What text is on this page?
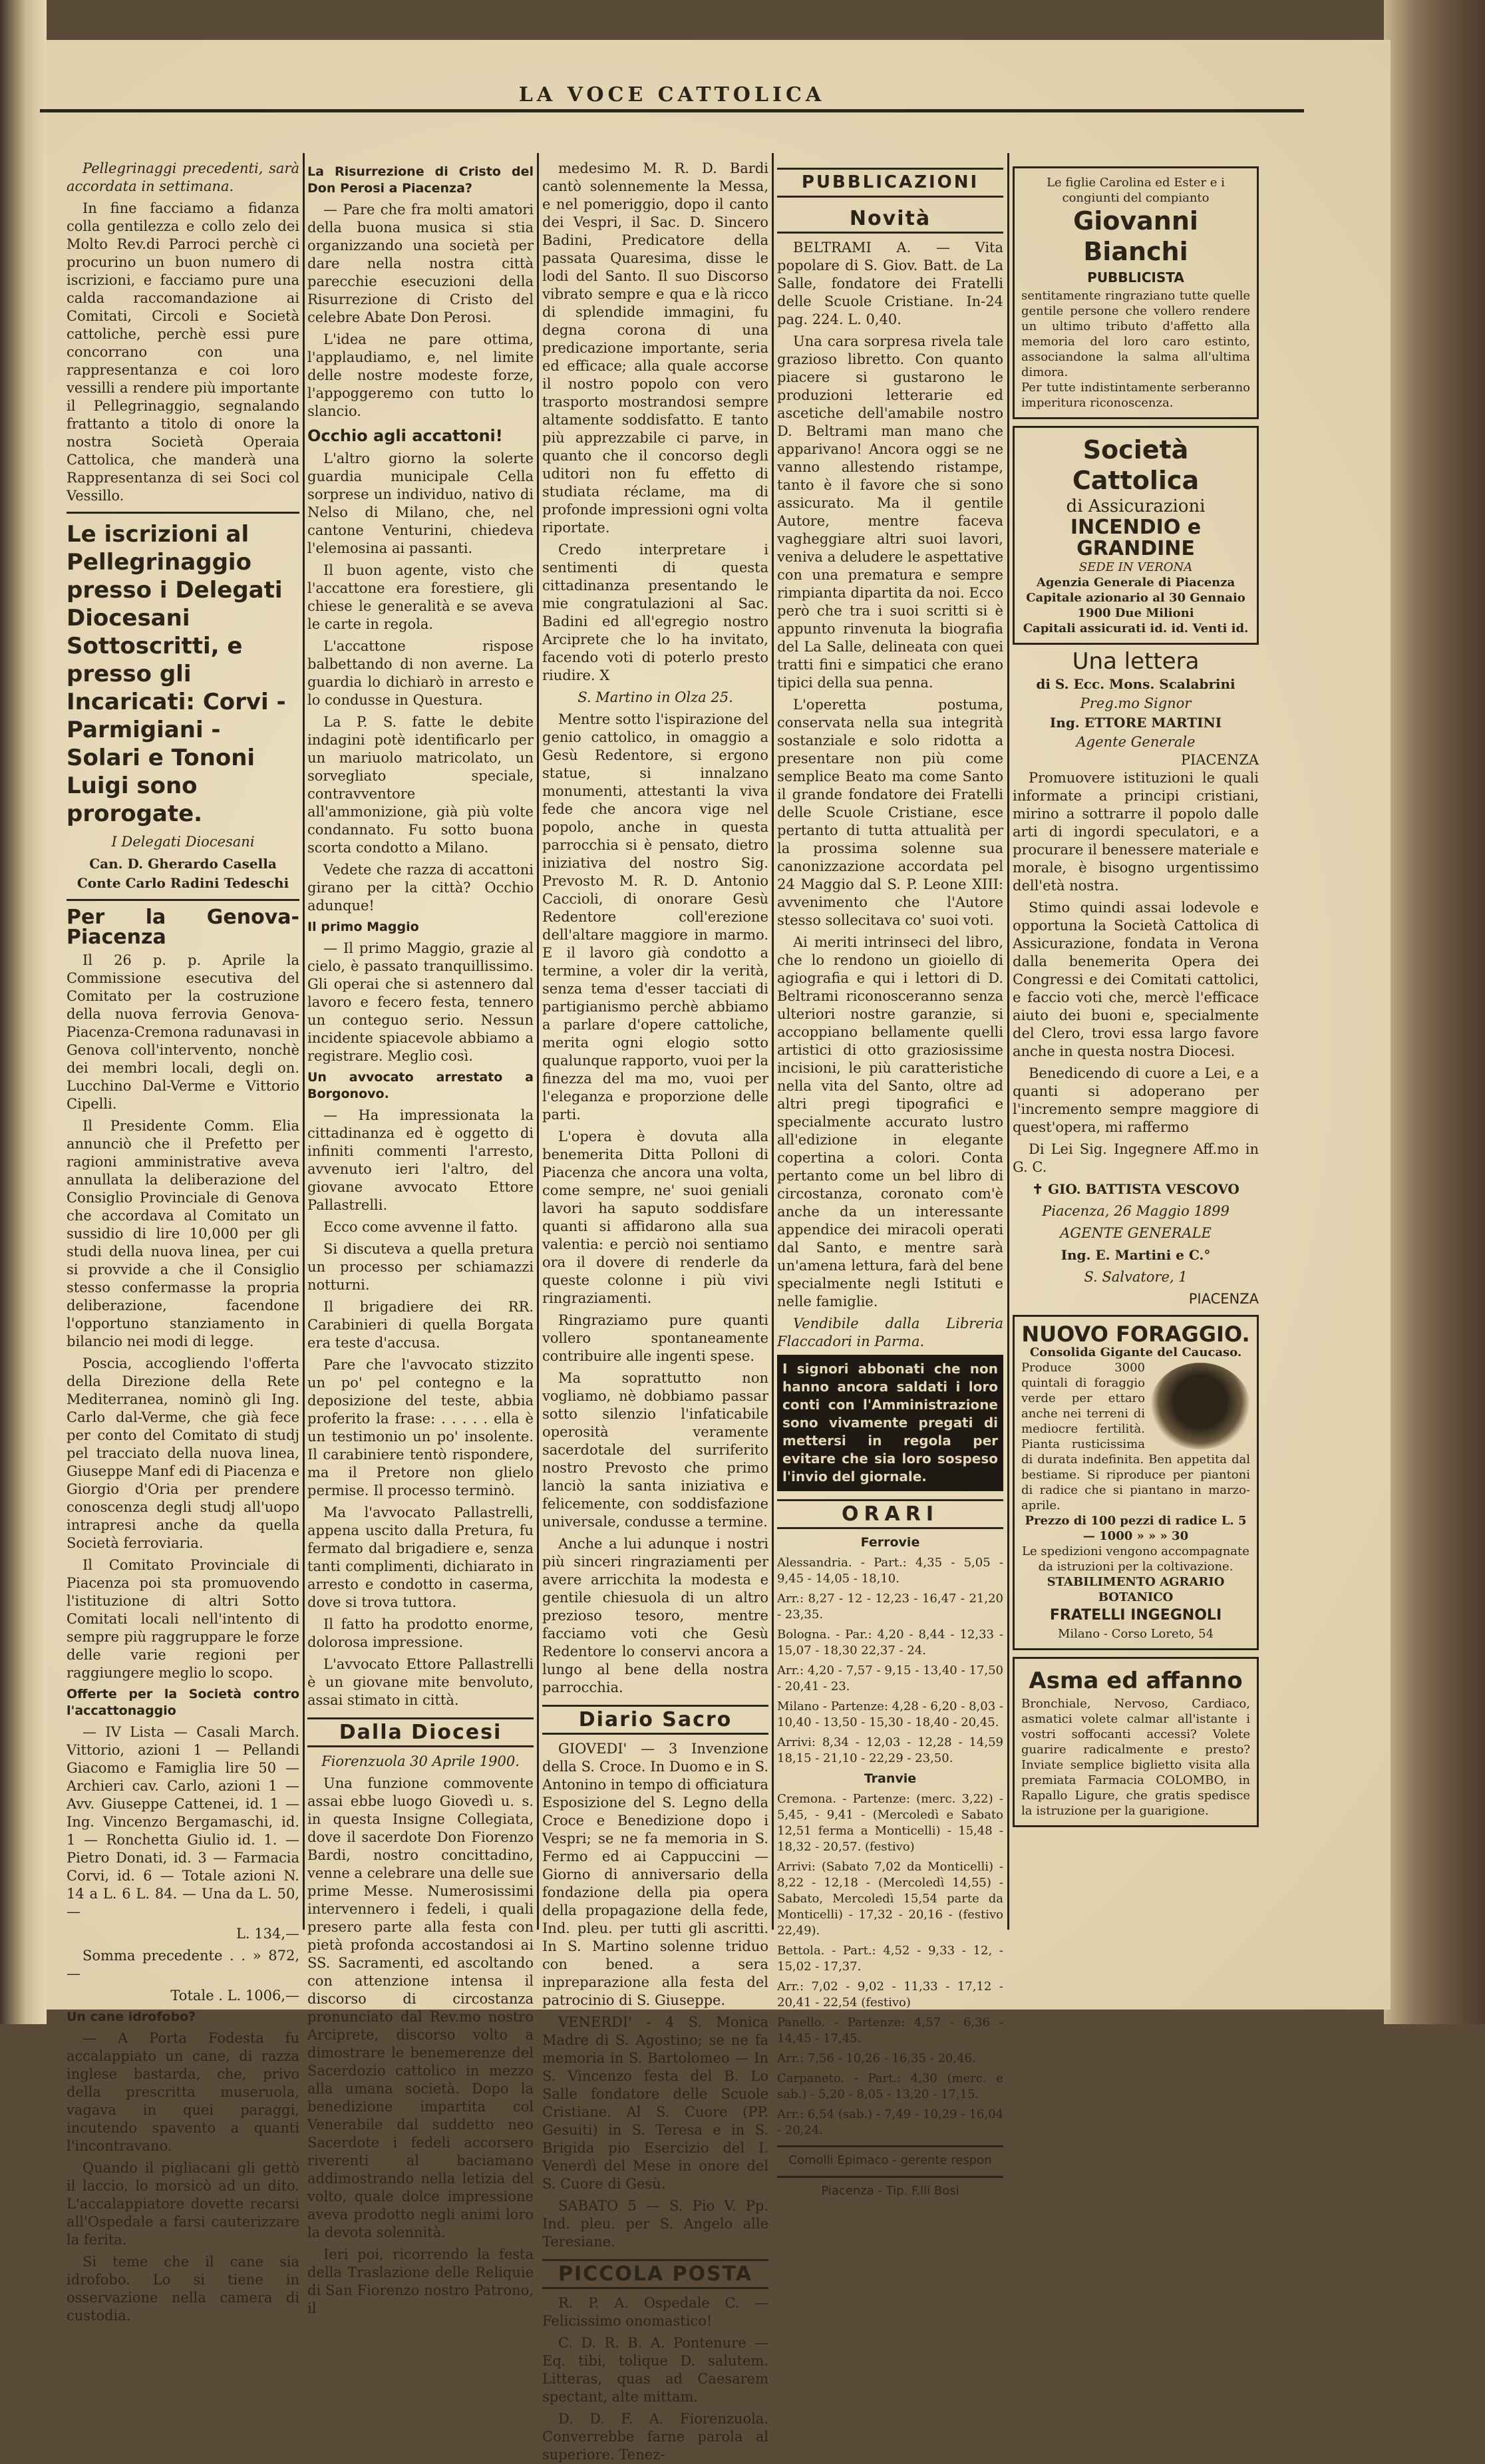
LA VOCE CATTOLICA

Pellegrinaggi precedenti, sarà accordata in settimana.

In fine facciamo a fidanza colla gentilezza e collo zelo dei Molto Rev.di Parroci perchè ci procurino un buon numero di iscrizioni, e facciamo pure una calda raccomandazione ai Comitati, Circoli e Società cattoliche, perchè essi pure concorrano con una rappresentanza e coi loro vessilli a rendere più importante il Pellegrinaggio, segnalando frattanto a titolo di onore la nostra Società Operaia Cattolica, che manderà una Rappresentanza di sei Soci col Vessillo.

Le iscrizioni al Pellegrinaggio presso i Delegati Diocesani Sottoscritti, e presso gli Incaricati: Corvi - Parmigiani - Solari e Tononi Luigi sono prorogate.
I Delegati Diocesani
Can. D. Gherardo Casella
Conte Carlo Radini Tedeschi
Per la Genova-Piacenza

Il 26 p. p. Aprile la Commissione esecutiva del Comitato per la costruzione della nuova ferrovia Genova-Piacenza-Cremona radunavasi in Genova coll'intervento, nonchè dei membri locali, degli on. Lucchino Dal-Verme e Vittorio Cipelli.

Il Presidente Comm. Elia annunciò che il Prefetto per ragioni amministrative aveva annullata la deliberazione del Consiglio Provinciale di Genova che accordava al Comitato un sussidio di lire 10,000 per gli studi della nuova linea, per cui si provvide a che il Consiglio stesso confermasse la propria deliberazione, facendone l'opportuno stanziamento in bilancio nei modi di legge.

Poscia, accogliendo l'offerta della Direzione della Rete Mediterranea, nominò gli Ing. Carlo dal-Verme, che già fece per conto del Comitato di studj pel tracciato della nuova linea, Giuseppe Manf edi di Piacenza e Giorgio d'Oria per prendere conoscenza degli studj all'uopo intrapresi anche da quella Società ferroviaria.

Il Comitato Provinciale di Piacenza poi sta promuovendo l'istituzione di altri Sotto Comitati locali nell'intento di sempre più raggruppare le forze delle varie regioni per raggiungere meglio lo scopo.

Offerte per la Società contro l'accattonaggio

— IV Lista — Casali March. Vittorio, azioni 1 — Pellandi Giacomo e Famiglia lire 50 — Archieri cav. Carlo, azioni 1 — Avv. Giuseppe Cattenei, id. 1 — Ing. Vincenzo Bergamaschi, id. 1 — Ronchetta Giulio id. 1. — Pietro Donati, id. 3 — Farmacia Corvi, id. 6 — Totale azioni N. 14 a L. 6 L. 84. — Una da L. 50,—

L. 134,—

Somma precedente . . » 872,—

Totale . L. 1006,—

Un cane idrofobo?

— A Porta Fodesta fu accalappiato un cane, di razza inglese bastarda, che, privo della prescritta museruola, vagava in quei paraggi, incutendo spavento a quanti l'incontravano.

Quando il pigliacani gli gettò il laccio, lo morsicò ad un dito. L'accalappiatore dovette recarsi all'Ospedale a farsi cauterizzare la ferita.

Si teme che il cane sia idrofobo. Lo si tiene in osservazione nella camera di custodia.

La Risurrezione di Cristo del Don Perosi a Piacenza?

— Pare che fra molti amatori della buona musica si stia organizzando una società per dare nella nostra città parecchie esecuzioni della Risurrezione di Cristo del celebre Abate Don Perosi.

L'idea ne pare ottima, l'applaudiamo, e, nel limite delle nostre modeste forze, l'appoggeremo con tutto lo slancio.

Occhio agli accattoni!

L'altro giorno la solerte guardia municipale Cella sorprese un individuo, nativo di Nelso di Milano, che, nel cantone Venturini, chiedeva l'elemosina ai passanti.

Il buon agente, visto che l'accattone era forestiere, gli chiese le generalità e se aveva le carte in regola.

L'accattone rispose balbettando di non averne. La guardia lo dichiarò in arresto e lo condusse in Questura.

La P. S. fatte le debite indagini potè identificarlo per un mariuolo matricolato, un sorvegliato speciale, contravventore all'ammonizione, già più volte condannato. Fu sotto buona scorta condotto a Milano.

Vedete che razza di accattoni girano per la città? Occhio adunque!

Il primo Maggio

— Il primo Maggio, grazie al cielo, è passato tranquillissimo. Gli operai che si astennero dal lavoro e fecero festa, tennero un conteguo serio. Nessun incidente spiacevole abbiamo a registrare. Meglio così.

Un avvocato arrestato a Borgonovo.

— Ha impressionata la cittadinanza ed è oggetto di infiniti commenti l'arresto, avvenuto ieri l'altro, del giovane avvocato Ettore Pallastrelli.

Ecco come avvenne il fatto.

Si discuteva a quella pretura un processo per schiamazzi notturni.

Il brigadiere dei RR. Carabinieri di quella Borgata era teste d'accusa.

Pare che l'avvocato stizzito un po' pel contegno e la deposizione del teste, abbia proferito la frase: . . . . . ella è un testimonio un po' insolente. Il carabiniere tentò rispondere, ma il Pretore non glielo permise. Il processo terminò.

Ma l'avvocato Pallastrelli, appena uscito dalla Pretura, fu fermato dal brigadiere e, senza tanti complimenti, dichiarato in arresto e condotto in caserma, dove si trova tuttora.

Il fatto ha prodotto enorme, dolorosa impressione.

L'avvocato Ettore Pallastrelli è un giovane mite benvoluto, assai stimato in città.

Dalla Diocesi
Fiorenzuola 30 Aprile 1900.

Una funzione commovente assai ebbe luogo Giovedì u. s. in questa Insigne Collegiata, dove il sacerdote Don Fiorenzo Bardi, nostro concittadino, venne a celebrare una delle sue prime Messe. Numerosissimi intervennero i fedeli, i quali presero parte alla festa con pietà profonda accostandosi ai SS. Sacramenti, ed ascoltando con attenzione intensa il discorso di circostanza pronunciato dal Rev.mo nostro Arciprete, discorso volto a dimostrare le benemerenze del Sacerdozio cattolico in mezzo alla umana società. Dopo la benedizione impartita col Venerabile dal suddetto neo Sacerdote i fedeli accorsero riverenti al baciamano addimostrando nella letizia del volto, quale dolce impressione aveva prodotto negli animi loro la devota solennità.

Ieri poi, ricorrendo la festa della Traslazione delle Reliquie di San Fiorenzo nostro Patrono, il

medesimo M. R. D. Bardi cantò solennemente la Messa, e nel pomeriggio, dopo il canto dei Vespri, il Sac. D. Sincero Badini, Predicatore della passata Quaresima, disse le lodi del Santo. Il suo Discorso vibrato sempre e qua e là ricco di splendide immagini, fu degna corona di una predicazione importante, seria ed efficace; alla quale accorse il nostro popolo con vero trasporto mostrandosi sempre altamente soddisfatto. E tanto più apprezzabile ci parve, in quanto che il concorso degli uditori non fu effetto di studiata réclame, ma di profonde impressioni ogni volta riportate.

Credo interpretare i sentimenti di questa cittadinanza presentando le mie congratulazioni al Sac. Badini ed all'egregio nostro Arciprete che lo ha invitato, facendo voti di poterlo presto riudire. X

S. Martino in Olza 25.

Mentre sotto l'ispirazione del genio cattolico, in omaggio a Gesù Redentore, si ergono statue, si innalzano monumenti, attestanti la viva fede che ancora vige nel popolo, anche in questa parrocchia si è pensato, dietro iniziativa del nostro Sig. Prevosto M. R. D. Antonio Caccioli, di onorare Gesù Redentore coll'erezione dell'altare maggiore in marmo. E il lavoro già condotto a termine, a voler dir la verità, senza tema d'esser tacciati di partigianismo perchè abbiamo a parlare d'opere cattoliche, merita ogni elogio sotto qualunque rapporto, vuoi per la finezza del ma mo, vuoi per l'eleganza e proporzione delle parti.

L'opera è dovuta alla benemerita Ditta Polloni di Piacenza che ancora una volta, come sempre, ne' suoi geniali lavori ha saputo soddisfare quanti si affidarono alla sua valentia: e perciò noi sentiamo ora il dovere di renderle da queste colonne i più vivi ringraziamenti.

Ringraziamo pure quanti vollero spontaneamente contribuire alle ingenti spese.

Ma soprattutto non vogliamo, nè dobbiamo passar sotto silenzio l'infaticabile operosità veramente sacerdotale del surriferito nostro Prevosto che primo lanciò la santa iniziativa e felicemente, con soddisfazione universale, condusse a termine.

Anche a lui adunque i nostri più sinceri ringraziamenti per avere arricchita la modesta e gentile chiesuola di un altro prezioso tesoro, mentre facciamo voti che Gesù Redentore lo conservi ancora a lungo al bene della nostra parrocchia.

Diario Sacro

GIOVEDI' — 3 Invenzione della S. Croce. In Duomo e in S. Antonino in tempo di officiatura Esposizione del S. Legno della Croce e Benedizione dopo i Vespri; se ne fa memoria in S. Fermo ed ai Cappuccini — Giorno di anniversario della fondazione della pia opera della propagazione della fede, Ind. pleu. per tutti gli ascritti. In S. Martino solenne triduo con bened. a sera inpreparazione alla festa del patrocinio di S. Giuseppe.

VENERDI' - 4 S. Monica Madre di S. Agostino; se ne fa memoria in S. Bartolomeo — In S. Vincenzo festa del B. Lo Salle fondatore delle Scuole Cristiane. Al S. Cuore (PP. Gesuiti) in S. Teresa e in S. Brigida pio Esercizio del I. Venerdì del Mese in onore del S. Cuore di Gesù.

SABATO 5 — S. Pio V. Pp. Ind. pleu. per S. Angelo alle Teresiane.

PICCOLA POSTA

R. P. A. Ospedale C. — Felicissimo onomastico!

C. D. R. B. A. Pontenure — Eq. tibi, tolique D. salutem. Litteras, quas ad Caesarem spectant, alte mittam.

D. D. F. A. Fiorenzuola. Converrebbe farne parola al superiore. Tenez-

PUBBLICAZIONI
Novità

BELTRAMI A. — Vita popolare di S. Giov. Batt. de La Salle, fondatore dei Fratelli delle Scuole Cristiane. In-24 pag. 224. L. 0,40.

Una cara sorpresa rivela tale grazioso libretto. Con quanto piacere si gustarono le produzioni letterarie ed ascetiche dell'amabile nostro D. Beltrami man mano che apparivano! Ancora oggi se ne vanno allestendo ristampe, tanto è il favore che si sono assicurato. Ma il gentile Autore, mentre faceva vagheggiare altri suoi lavori, veniva a deludere le aspettative con una prematura e sempre rimpianta dipartita da noi. Ecco però che tra i suoi scritti si è appunto rinvenuta la biografia del La Salle, delineata con quei tratti fini e simpatici che erano tipici della sua penna.

L'operetta postuma, conservata nella sua integrità sostanziale e solo ridotta a presentare non più come semplice Beato ma come Santo il grande fondatore dei Fratelli delle Scuole Cristiane, esce pertanto di tutta attualità per la prossima solenne sua canonizzazione accordata pel 24 Maggio dal S. P. Leone XIII: avvenimento che l'Autore stesso sollecitava co' suoi voti.

Ai meriti intrinseci del libro, che lo rendono un gioiello di agiografia e qui i lettori di D. Beltrami riconosceranno senza ulteriori nostre garanzie, si accoppiano bellamente quelli artistici di otto graziosissime incisioni, le più caratteristiche nella vita del Santo, oltre ad altri pregi tipografici e specialmente accurato lustro all'edizione in elegante copertina a colori. Conta pertanto come un bel libro di circostanza, coronato com'è anche da un interessante appendice dei miracoli operati dal Santo, e mentre sarà un'amena lettura, farà del bene specialmente negli Istituti e nelle famiglie.

Vendibile dalla Libreria Flaccadori in Parma.

I signori abbonati che non hanno ancora saldati i loro conti con l'Amministrazione sono vivamente pregati di mettersi in regola per evitare che sia loro sospeso l'invio del giornale.
ORARI
Ferrovie

Alessandria. - Part.: 4,35 - 5,05 - 9,45 - 14,05 - 18,10.

Arr.: 8,27 - 12 - 12,23 - 16,47 - 21,20 - 23,35.

Bologna. - Par.: 4,20 - 8,44 - 12,33 - 15,07 - 18,30 22,37 - 24.

Arr.: 4,20 - 7,57 - 9,15 - 13,40 - 17,50 - 20,41 - 23.

Milano - Partenze: 4,28 - 6,20 - 8,03 - 10,40 - 13,50 - 15,30 - 18,40 - 20,45.

Arrivi: 8,34 - 12,03 - 12,28 - 14,59 18,15 - 21,10 - 22,29 - 23,50.

Tranvie

Cremona. - Partenze: (merc. 3,22) - 5,45, - 9,41 - (Mercoledì e Sabato 12,51 ferma a Monticelli) - 15,48 - 18,32 - 20,57. (festivo)

Arrivi: (Sabato 7,02 da Monticelli) - 8,22 - 12,18 - (Mercoledì 14,55) - Sabato, Mercoledì 15,54 parte da Monticelli) - 17,32 - 20,16 - (festivo 22,49).

Bettola. - Part.: 4,52 - 9,33 - 12, - 15,02 - 17,37.

Arr.: 7,02 - 9,02 - 11,33 - 17,12 - 20,41 - 22,54 (festivo)

Panello. - Partenze: 4,57 - 6,36 - 14,45 - 17,45.

Arr.: 7,56 - 10,26 - 16,35 - 20,46.

Carpaneto. - Part.: 4,30 (merc. e sab.) - 5,20 - 8,05 - 13,20 - 17,15.

Arr.: 6,54 (sab.) - 7,49 - 10,29 - 16,04 - 20,24.

Comolli Epimaco - gerente respon
Piacenza - Tip. F.lli Bosi
Le figlie Carolina ed Ester e i congiunti del compianto
Giovanni Bianchi
PUBBLICISTA
sentitamente ringraziano tutte quelle gentile persone che vollero rendere un ultimo tributo d'affetto alla memoria del loro caro estinto, associandone la salma all'ultima dimora.
Per tutte indistintamente serberanno imperitura riconoscenza.
Società Cattolica
di Assicurazioni
INCENDIO e GRANDINE
SEDE IN VERONA
Agenzia Generale di Piacenza
Capitale azionario al 30 Gennaio 1900 Due Milioni
Capitali assicurati id. id. Venti id.
Una lettera
di S. Ecc. Mons. Scalabrini
Preg.mo Signor
Ing. ETTORE MARTINI
Agente Generale
PIACENZA

Promuovere istituzioni le quali informate a principi cristiani, mirino a sottrarre il popolo dalle arti di ingordi speculatori, e a procurare il benessere materiale e morale, è bisogno urgentissimo dell'età nostra.

Stimo quindi assai lodevole e opportuna la Società Cattolica di Assicurazione, fondata in Verona dalla benemerita Opera dei Congressi e dei Comitati cattolici, e faccio voti che, mercè l'efficace aiuto dei buoni e, specialmente del Clero, trovi essa largo favore anche in questa nostra Diocesi.

Benedicendo di cuore a Lei, e a quanti si adoperano per l'incremento sempre maggiore di quest'opera, mi raffermo

Di Lei Sig. Ingegnere Aff.mo in G. C.

✝ GIO. BATTISTA VESCOVO
Piacenza, 26 Maggio 1899
AGENTE GENERALE
Ing. E. Martini e C.°
S. Salvatore, 1
PIACENZA
NUOVO FORAGGIO.
Consolida Gigante del Caucaso.
Produce 3000 quintali di foraggio verde per ettaro anche nei terreni di mediocre fertilità. Pianta rusticissima di durata indefinita. Ben appetita dal bestiame. Si riproduce per piantoni di radice che si piantano in marzo-aprile.
Prezzo di 100 pezzi di radice L. 5 — 1000 » » » 30
Le spedizioni vengono accompagnate da istruzioni per la coltivazione.
STABILIMENTO AGRARIO BOTANICO
FRATELLI INGEGNOLI
Milano - Corso Loreto, 54
Asma ed affanno
Bronchiale, Nervoso, Cardiaco, asmatici volete calmar all'istante i vostri soffocanti accessi? Volete guarire radicalmente e presto? Inviate semplice biglietto visita alla premiata Farmacia COLOMBO, in Rapallo Ligure, che gratis spedisce la istruzione per la guarigione.
